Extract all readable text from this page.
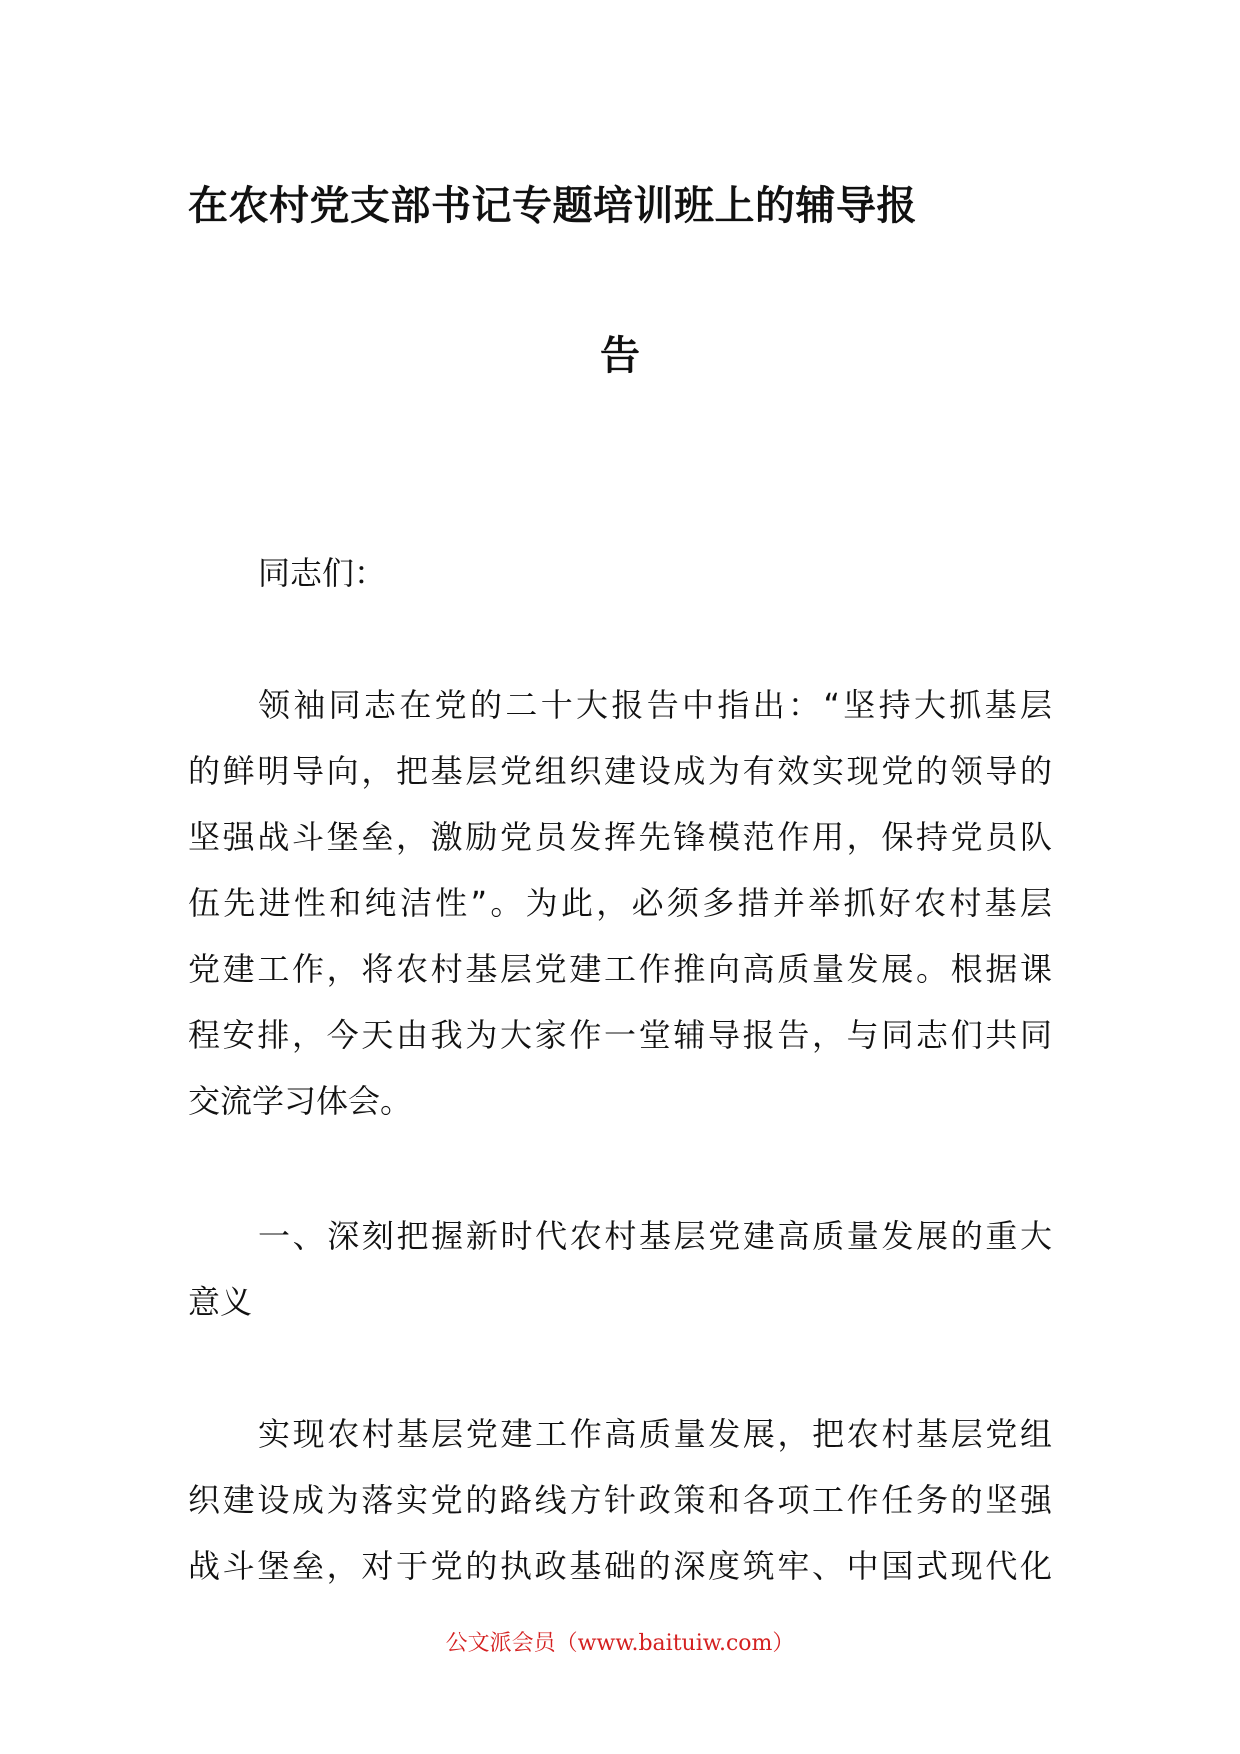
在农村党支部书记专题培训班上的辅导报
告

同志们：

领袖同志在党的二十大报告中指出：“坚持大抓基层
的鲜明导向，把基层党组织建设成为有效实现党的领导的
坚强战斗堡垒，激励党员发挥先锋模范作用，保持党员队
伍先进性和纯洁性”。为此，必须多措并举抓好农村基层
党建工作，将农村基层党建工作推向高质量发展。根据课
程安排，今天由我为大家作一堂辅导报告，与同志们共同
交流学习体会。

一、深刻把握新时代农村基层党建高质量发展的重大
意义

实现农村基层党建工作高质量发展，把农村基层党组
织建设成为落实党的路线方针政策和各项工作任务的坚强
战斗堡垒，对于党的执政基础的深度筑牢、中国式现代化

公文派会员（www.baituiw.com）
